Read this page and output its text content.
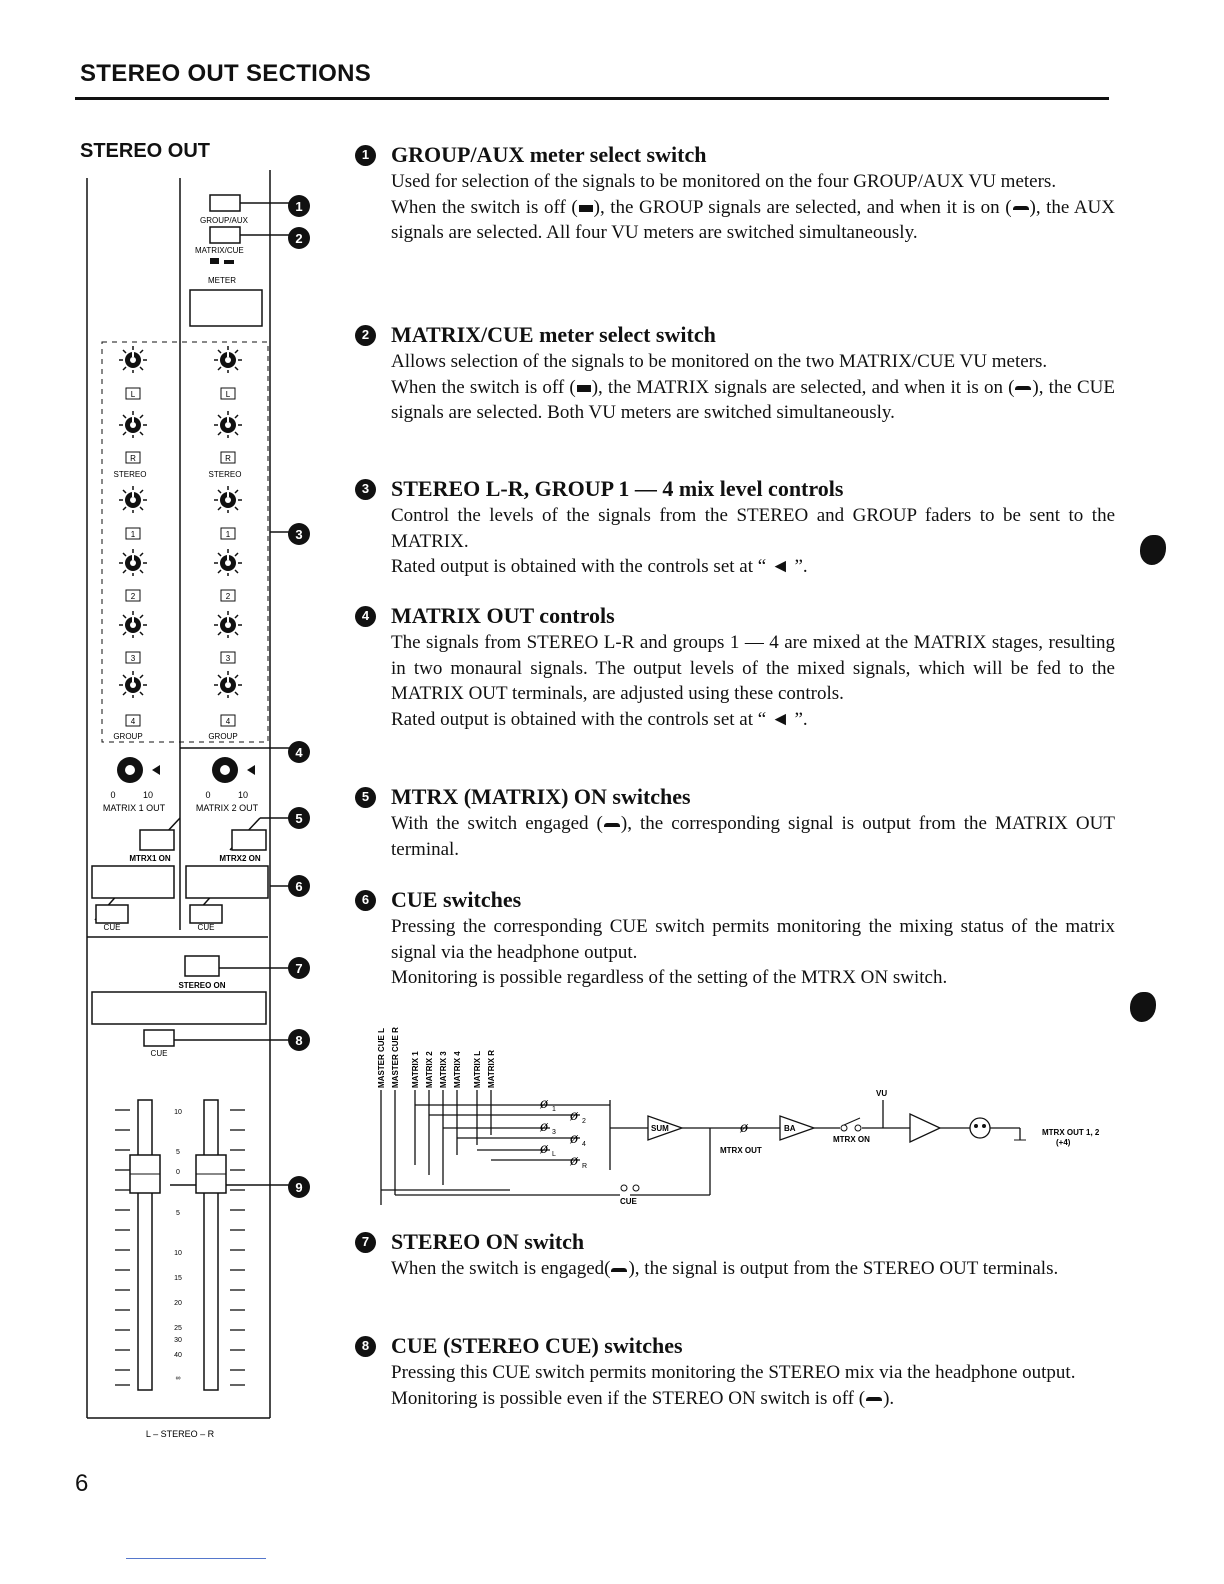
STEREO OUT SECTIONS
STEREO OUT
GROUP/AUX
MATRIX/CUE
METER
L	L
R	R
STEREO	STEREO
1	1
2	2
3	3
4	4
GROUP	GROUP
0	10	0	10
MATRIX 1 OUT	MATRIX 2 OUT
MTRX1 ON	MTRX2 ON
CUE	CUE
STEREO ON
CUE
10
5
0
5
10
15
20
25
30
40
∞
L – STEREO – R
1
2
3
4
5
6
7
8
9
1 GROUP/AUX meter select switch

Used for selection of the signals to be monitored on the four GROUP/AUX VU meters.

When the switch is off ( ), the GROUP signals are selected, and when it is on ( ), the AUX signals are selected. All four VU meters are switched simultaneously.

2 MATRIX/CUE meter select switch

Allows selection of the signals to be monitored on the two MATRIX/CUE VU meters.

When the switch is off ( ), the MATRIX signals are selected, and when it is on ( ), the CUE signals are selected. Both VU meters are switched simultaneously.

3 STEREO L-R, GROUP 1 — 4 mix level controls

Control the levels of the signals from the STEREO and GROUP faders to be sent to the MATRIX.

Rated output is obtained with the controls set at “ ◄ ”.

4 MATRIX OUT controls

The signals from STEREO L-R and groups 1 — 4 are mixed at the MATRIX stages, resulting in two monaural signals. The output levels of the mixed signals, which will be fed to the MATRIX OUT terminals, are adjusted using these controls.

Rated output is obtained with the controls set at “ ◄ ”.

5 MTRX (MATRIX) ON switches

With the switch engaged ( ), the corresponding signal is output from the MATRIX OUT terminal.

6 CUE switches

Pressing the corresponding CUE switch permits monitoring the mixing status of the matrix signal via the headphone output.

Monitoring is possible regardless of the setting of the MTRX ON switch.

7 STEREO ON switch

When the switch is engaged( ), the signal is output from the STEREO OUT terminals.

8 CUE (STEREO CUE) switches

Pressing this CUE switch permits monitoring the STEREO mix via the headphone output.

Monitoring is possible even if the STEREO ON switch is off ( ).

MASTER CUE L MASTER CUE R MATRIX 1 MATRIX 2 MATRIX 3 MATRIX 4 MATRIX L MATRIX R
ø
ø
ø
ø
ø
ø
ø
1
2
3
4
L
R
SUM
MTRX OUT
BA
MTRX ON
VU
MTRX OUT 1, 2
(+4)
CUE
6
